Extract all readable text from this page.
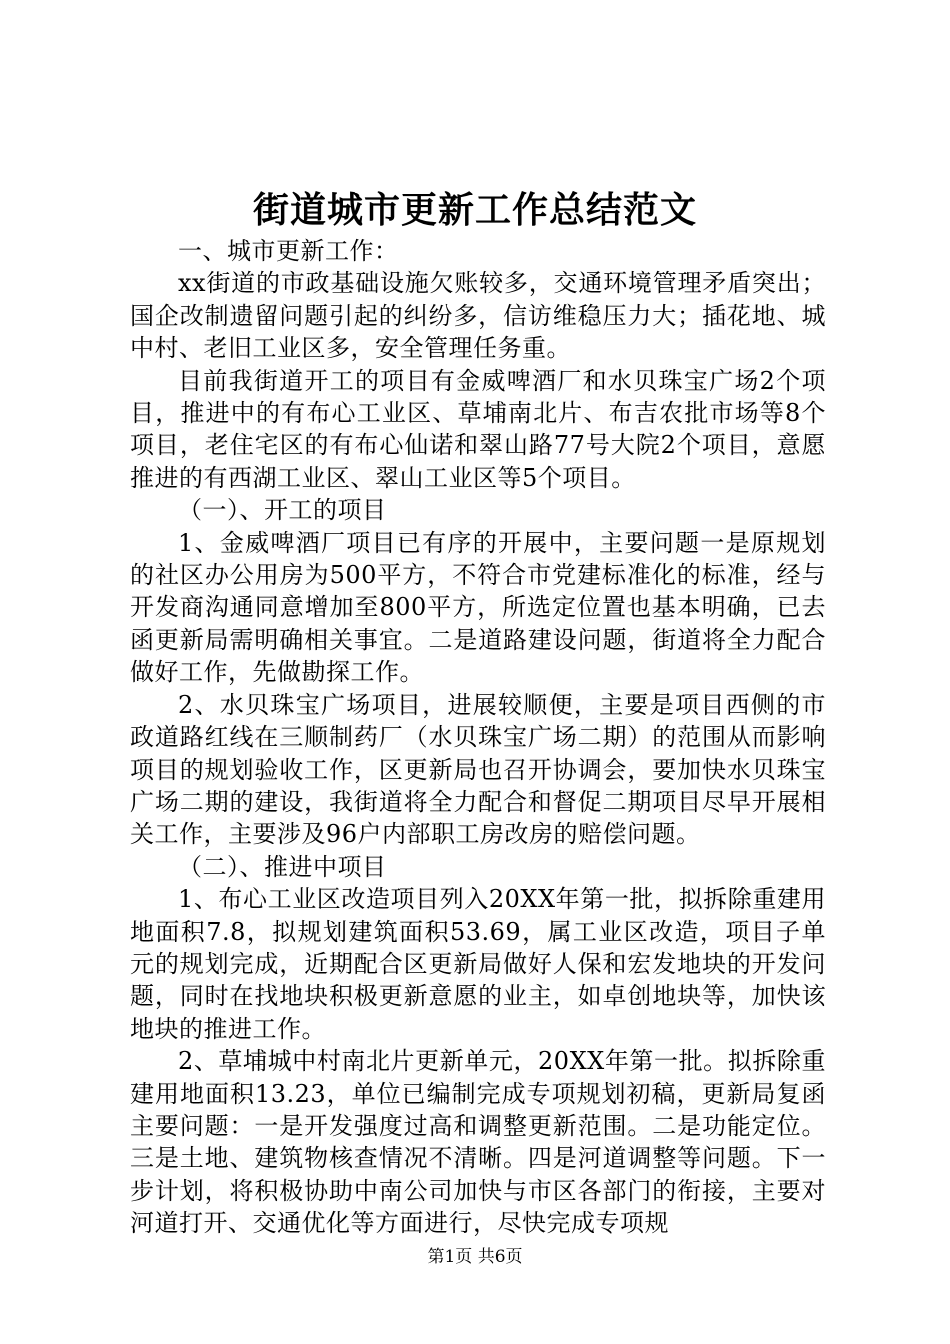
街道城市更新工作总结范文

一、城市更新工作：

xx街道的市政基础设施欠账较多，交通环境管理矛盾突出；国企改制遗留问题引起的纠纷多，信访维稳压力大；插花地、城中村、老旧工业区多，安全管理任务重。

目前我街道开工的项目有金威啤酒厂和水贝珠宝广场2个项目，推进中的有布心工业区、草埔南北片、布吉农批市场等8个项目，老住宅区的有布心仙诺和翠山路77号大院2个项目，意愿推进的有西湖工业区、翠山工业区等5个项目。

（一）、开工的项目

1、金威啤酒厂项目已有序的开展中，主要问题一是原规划的社区办公用房为500平方，不符合市党建标准化的标准，经与开发商沟通同意增加至800平方，所选定位置也基本明确，已去函更新局需明确相关事宜。二是道路建设问题，街道将全力配合做好工作，先做勘探工作。

2、水贝珠宝广场项目，进展较顺便，主要是项目西侧的市政道路红线在三顺制药厂（水贝珠宝广场二期）的范围从而影响项目的规划验收工作，区更新局也召开协调会，要加快水贝珠宝广场二期的建设，我街道将全力配合和督促二期项目尽早开展相关工作，主要涉及96户内部职工房改房的赔偿问题。

（二）、推进中项目

1、布心工业区改造项目列入20XX年第一批，拟拆除重建用地面积7.8，拟规划建筑面积53.69，属工业区改造，项目子单元的规划完成，近期配合区更新局做好人保和宏发地块的开发问题，同时在找地块积极更新意愿的业主，如卓创地块等，加快该地块的推进工作。

2、草埔城中村南北片更新单元，20XX年第一批。拟拆除重建用地面积13.23，单位已编制完成专项规划初稿，更新局复函主要问题：一是开发强度过高和调整更新范围。二是功能定位。三是土地、建筑物核查情况不清晰。四是河道调整等问题。下一步计划，将积极协助中南公司加快与市区各部门的衔接，主要对河道打开、交通优化等方面进行，尽快完成专项规

第1页 共6页
